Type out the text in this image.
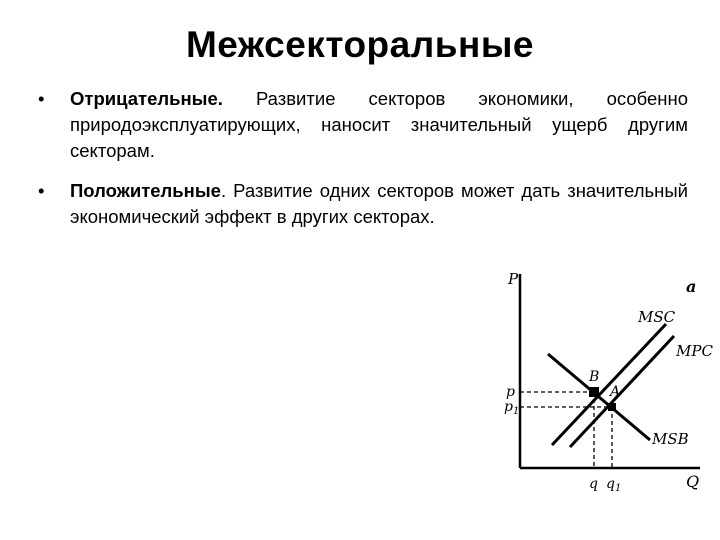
Межсекторальные
• Отрицательные. Развитие секторов экономики, особенно природоэксплуатирующих, наносит значительный ущерб другим секторам.
• Положительные. Развитие одних секторов может дать значительный экономический эффект в других секторах.
P
Q
a
MSC
MPC
MSB
B
A
p
$p_1$
q $q_1$
